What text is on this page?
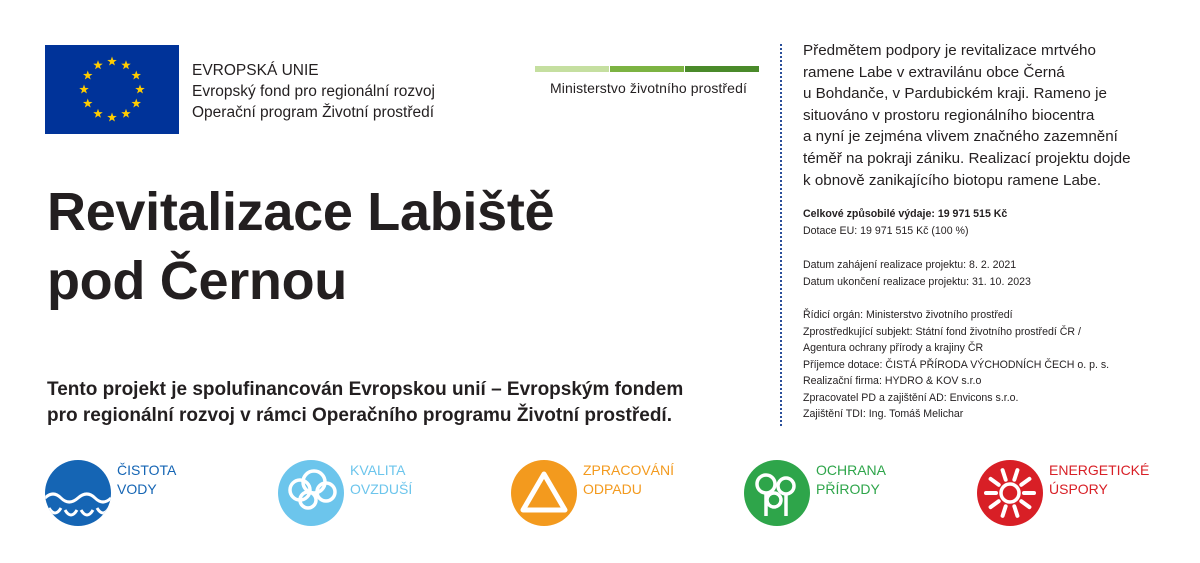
EVROPSKÁ UNIE
Evropský fond pro regionální rozvoj
Operační program Životní prostředí
Ministerstvo životního prostředí
Revitalizace Labiště
pod Černou
Tento projekt je spolufinancován Evropskou unií – Evropským fondem
pro regionální rozvoj v rámci Operačního programu Životní prostředí.
Předmětem podpory je revitalizace mrtvého
ramene Labe v extravilánu obce Černá
u Bohdanče, v Pardubickém kraji. Rameno je
situováno v prostoru regionálního biocentra
a nyní je zejména vlivem značného zazemnění
téměř na pokraji zániku. Realizací projektu dojde
k obnově zanikajícího biotopu ramene Labe.
Celkové způsobilé výdaje: 19 971 515 Kč
Dotace EU: 19 971 515 Kč (100 %)
Datum zahájení realizace projektu: 8. 2. 2021
Datum ukončení realizace projektu: 31. 10. 2023
Řídicí orgán: Ministerstvo životního prostředí
Zprostředkující subjekt: Státní fond životního prostředí ČR /
Agentura ochrany přírody a krajiny ČR
Příjemce dotace: ČISTÁ PŘÍRODA VÝCHODNÍCH ČECH o. p. s.
Realizační firma: HYDRO & KOV s.r.o
Zpracovatel PD a zajištění AD: Envicons s.r.o.
Zajištění TDI: Ing. Tomáš Melichar
ČISTOTA
VODY
KVALITA
OVZDUŠÍ
ZPRACOVÁNÍ
ODPADU
OCHRANA
PŘÍRODY
ENERGETICKÉ
ÚSPORY
